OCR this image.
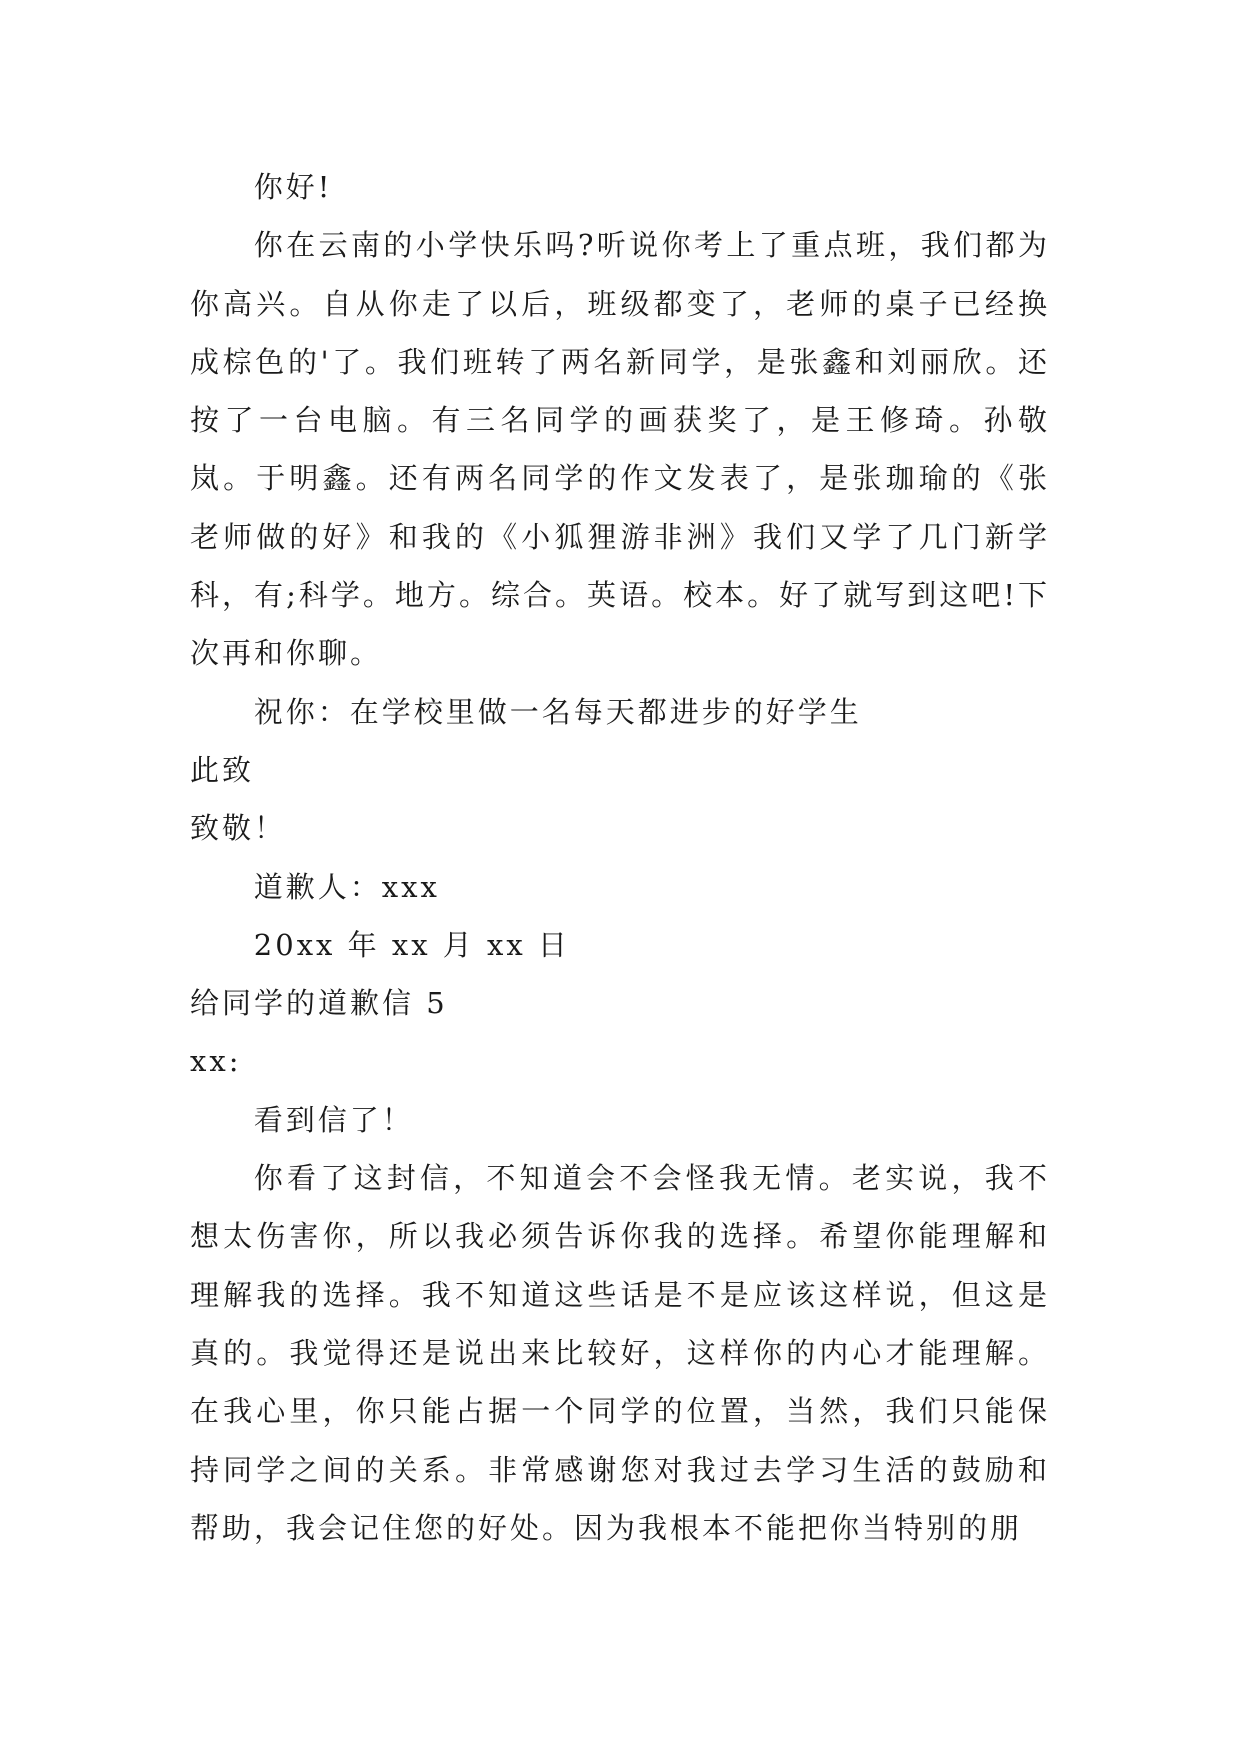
你好!

你在云南的小学快乐吗?听说你考上了重点班，我们都为你高兴。自从你走了以后，班级都变了，老师的桌子已经换成棕色的'了。我们班转了两名新同学，是张鑫和刘丽欣。还按了一台电脑。有三名同学的画获奖了，是王修琦。孙敬岚。于明鑫。还有两名同学的作文发表了，是张珈瑜的《张老师做的好》和我的《小狐狸游非洲》我们又学了几门新学科，有;科学。地方。综合。英语。校本。好了就写到这吧!下次再和你聊。

祝你：在学校里做一名每天都进步的好学生

此致

致敬！

道歉人：xxx

20xx 年 xx 月 xx 日

给同学的道歉信 5

xx:

看到信了！

你看了这封信，不知道会不会怪我无情。老实说，我不想太伤害你，所以我必须告诉你我的选择。希望你能理解和理解我的选择。我不知道这些话是不是应该这样说，但这是真的。我觉得还是说出来比较好，这样你的内心才能理解。在我心里，你只能占据一个同学的位置，当然，我们只能保持同学之间的关系。非常感谢您对我过去学习生活的鼓励和帮助，我会记住您的好处。因为我根本不能把你当特别的朋
